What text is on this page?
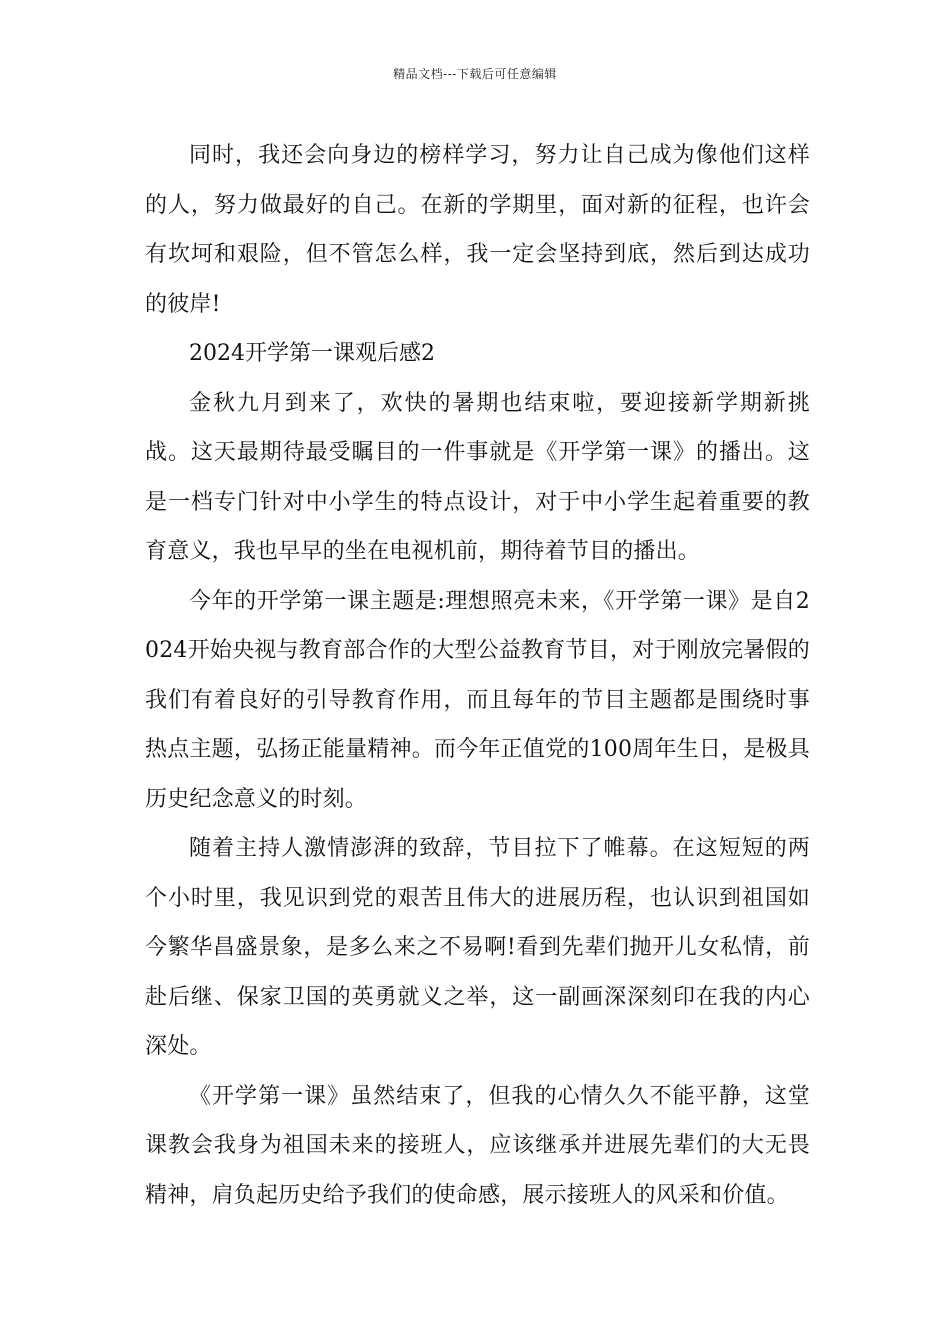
精品文档---下载后可任意编辑

同时，我还会向身边的榜样学习，努力让自己成为像他们这样的人，努力做最好的自己。在新的学期里，面对新的征程，也许会有坎坷和艰险，但不管怎么样，我一定会坚持到底，然后到达成功的彼岸!

2024开学第一课观后感2

金秋九月到来了，欢快的暑期也结束啦，要迎接新学期新挑战。这天最期待最受瞩目的一件事就是《开学第一课》的播出。这是一档专门针对中小学生的特点设计，对于中小学生起着重要的教育意义，我也早早的坐在电视机前，期待着节目的播出。

今年的开学第一课主题是:理想照亮未来，《开学第一课》是自2024开始央视与教育部合作的大型公益教育节目，对于刚放完暑假的我们有着良好的引导教育作用，而且每年的节目主题都是围绕时事热点主题，弘扬正能量精神。而今年正值党的100周年生日，是极具历史纪念意义的时刻。

随着主持人激情澎湃的致辞，节目拉下了帷幕。在这短短的两个小时里，我见识到党的艰苦且伟大的进展历程，也认识到祖国如今繁华昌盛景象，是多么来之不易啊!看到先辈们抛开儿女私情，前赴后继、保家卫国的英勇就义之举，这一副画深深刻印在我的内心深处。

《开学第一课》虽然结束了，但我的心情久久不能平静，这堂课教会我身为祖国未来的接班人，应该继承并进展先辈们的大无畏精神，肩负起历史给予我们的使命感，展示接班人的风采和价值。
